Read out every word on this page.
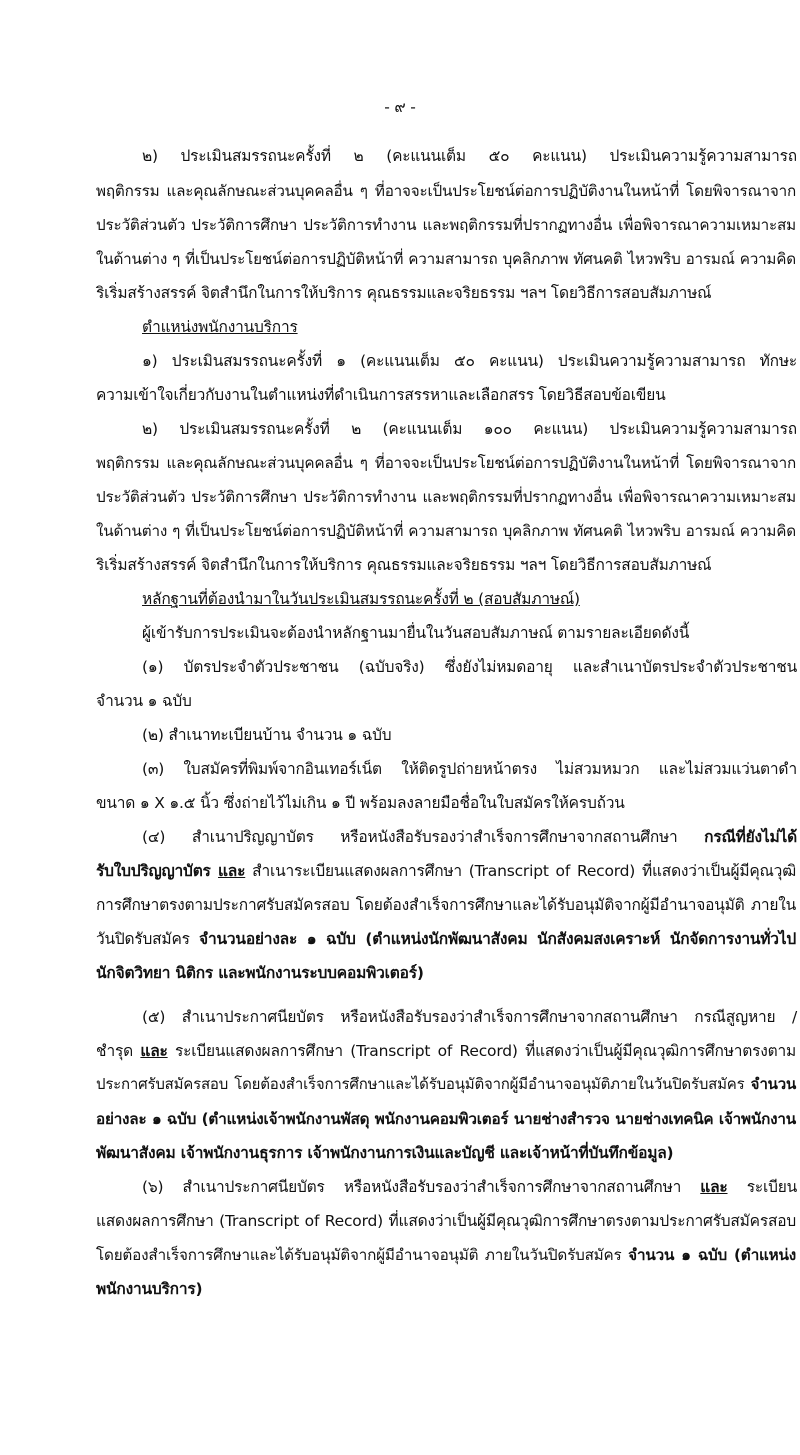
- ๙ -
๒) ประเมินสมรรถนะครั้งที่ ๒ (คะแนนเต็ม ๕๐ คะแนน) ประเมินความรู้ความสามารถ
พฤติกรรม และคุณลักษณะส่วนบุคคลอื่น ๆ ที่อาจจะเป็นประโยชน์ต่อการปฏิบัติงานในหน้าที่ โดยพิจารณาจาก
ประวัติส่วนตัว ประวัติการศึกษา ประวัติการทำงาน และพฤติกรรมที่ปรากฏทางอื่น เพื่อพิจารณาความเหมาะสม
ในด้านต่าง ๆ ที่เป็นประโยชน์ต่อการปฏิบัติหน้าที่ ความสามารถ บุคลิกภาพ ทัศนคติ ไหวพริบ อารมณ์ ความคิด
ริเริ่มสร้างสรรค์ จิตสำนึกในการให้บริการ คุณธรรมและจริยธรรม ฯลฯ โดยวิธีการสอบสัมภาษณ์
ตำแหน่งพนักงานบริการ
๑) ประเมินสมรรถนะครั้งที่ ๑ (คะแนนเต็ม ๕๐ คะแนน) ประเมินความรู้ความสามารถ ทักษะ
ความเข้าใจเกี่ยวกับงานในตำแหน่งที่ดำเนินการสรรหาและเลือกสรร โดยวิธีสอบข้อเขียน
๒) ประเมินสมรรถนะครั้งที่ ๒ (คะแนนเต็ม ๑๐๐ คะแนน) ประเมินความรู้ความสามารถ
พฤติกรรม และคุณลักษณะส่วนบุคคลอื่น ๆ ที่อาจจะเป็นประโยชน์ต่อการปฏิบัติงานในหน้าที่ โดยพิจารณาจาก
ประวัติส่วนตัว ประวัติการศึกษา ประวัติการทำงาน และพฤติกรรมที่ปรากฏทางอื่น เพื่อพิจารณาความเหมาะสม
ในด้านต่าง ๆ ที่เป็นประโยชน์ต่อการปฏิบัติหน้าที่ ความสามารถ บุคลิกภาพ ทัศนคติ ไหวพริบ อารมณ์ ความคิด
ริเริ่มสร้างสรรค์ จิตสำนึกในการให้บริการ คุณธรรมและจริยธรรม ฯลฯ โดยวิธีการสอบสัมภาษณ์
หลักฐานที่ต้องนำมาในวันประเมินสมรรถนะครั้งที่ ๒ (สอบสัมภาษณ์)
ผู้เข้ารับการประเมินจะต้องนำหลักฐานมายื่นในวันสอบสัมภาษณ์ ตามรายละเอียดดังนี้
(๑) บัตรประจำตัวประชาชน (ฉบับจริง) ซึ่งยังไม่หมดอายุ และสำเนาบัตรประจำตัวประชาชน
จำนวน ๑ ฉบับ
(๒) สำเนาทะเบียนบ้าน จำนวน ๑ ฉบับ
(๓) ใบสมัครที่พิมพ์จากอินเทอร์เน็ต ให้ติดรูปถ่ายหน้าตรง ไม่สวมหมวก และไม่สวมแว่นตาดำ
ขนาด ๑ X ๑.๕ นิ้ว ซึ่งถ่ายไว้ไม่เกิน ๑ ปี พร้อมลงลายมือชื่อในใบสมัครให้ครบถ้วน
(๔) สำเนาปริญญาบัตร หรือหนังสือรับรองว่าสำเร็จการศึกษาจากสถานศึกษา กรณีที่ยังไม่ได้
รับใบปริญญาบัตร และ สำเนาระเบียนแสดงผลการศึกษา (Transcript of Record) ที่แสดงว่าเป็นผู้มีคุณวุฒิ
การศึกษาตรงตามประกาศรับสมัครสอบ โดยต้องสำเร็จการศึกษาและได้รับอนุมัติจากผู้มีอำนาจอนุมัติ ภายใน
วันปิดรับสมัคร จำนวนอย่างละ ๑ ฉบับ (ตำแหน่งนักพัฒนาสังคม นักสังคมสงเคราะห์ นักจัดการงานทั่วไป
นักจิตวิทยา นิติกร และพนักงานระบบคอมพิวเตอร์)
(๕) สำเนาประกาศนียบัตร หรือหนังสือรับรองว่าสำเร็จการศึกษาจากสถานศึกษา กรณีสูญหาย /
ชำรุด และ ระเบียนแสดงผลการศึกษา (Transcript of Record) ที่แสดงว่าเป็นผู้มีคุณวุฒิการศึกษาตรงตาม
ประกาศรับสมัครสอบ โดยต้องสำเร็จการศึกษาและได้รับอนุมัติจากผู้มีอำนาจอนุมัติภายในวันปิดรับสมัคร จำนวน
อย่างละ ๑ ฉบับ (ตำแหน่งเจ้าพนักงานพัสดุ พนักงานคอมพิวเตอร์ นายช่างสำรวจ นายช่างเทคนิค เจ้าพนักงาน
พัฒนาสังคม เจ้าพนักงานธุรการ เจ้าพนักงานการเงินและบัญชี และเจ้าหน้าที่บันทึกข้อมูล)
(๖) สำเนาประกาศนียบัตร หรือหนังสือรับรองว่าสำเร็จการศึกษาจากสถานศึกษา และ ระเบียน
แสดงผลการศึกษา (Transcript of Record) ที่แสดงว่าเป็นผู้มีคุณวุฒิการศึกษาตรงตามประกาศรับสมัครสอบ
โดยต้องสำเร็จการศึกษาและได้รับอนุมัติจากผู้มีอำนาจอนุมัติ ภายในวันปิดรับสมัคร จำนวน ๑ ฉบับ (ตำแหน่ง
พนักงานบริการ)
